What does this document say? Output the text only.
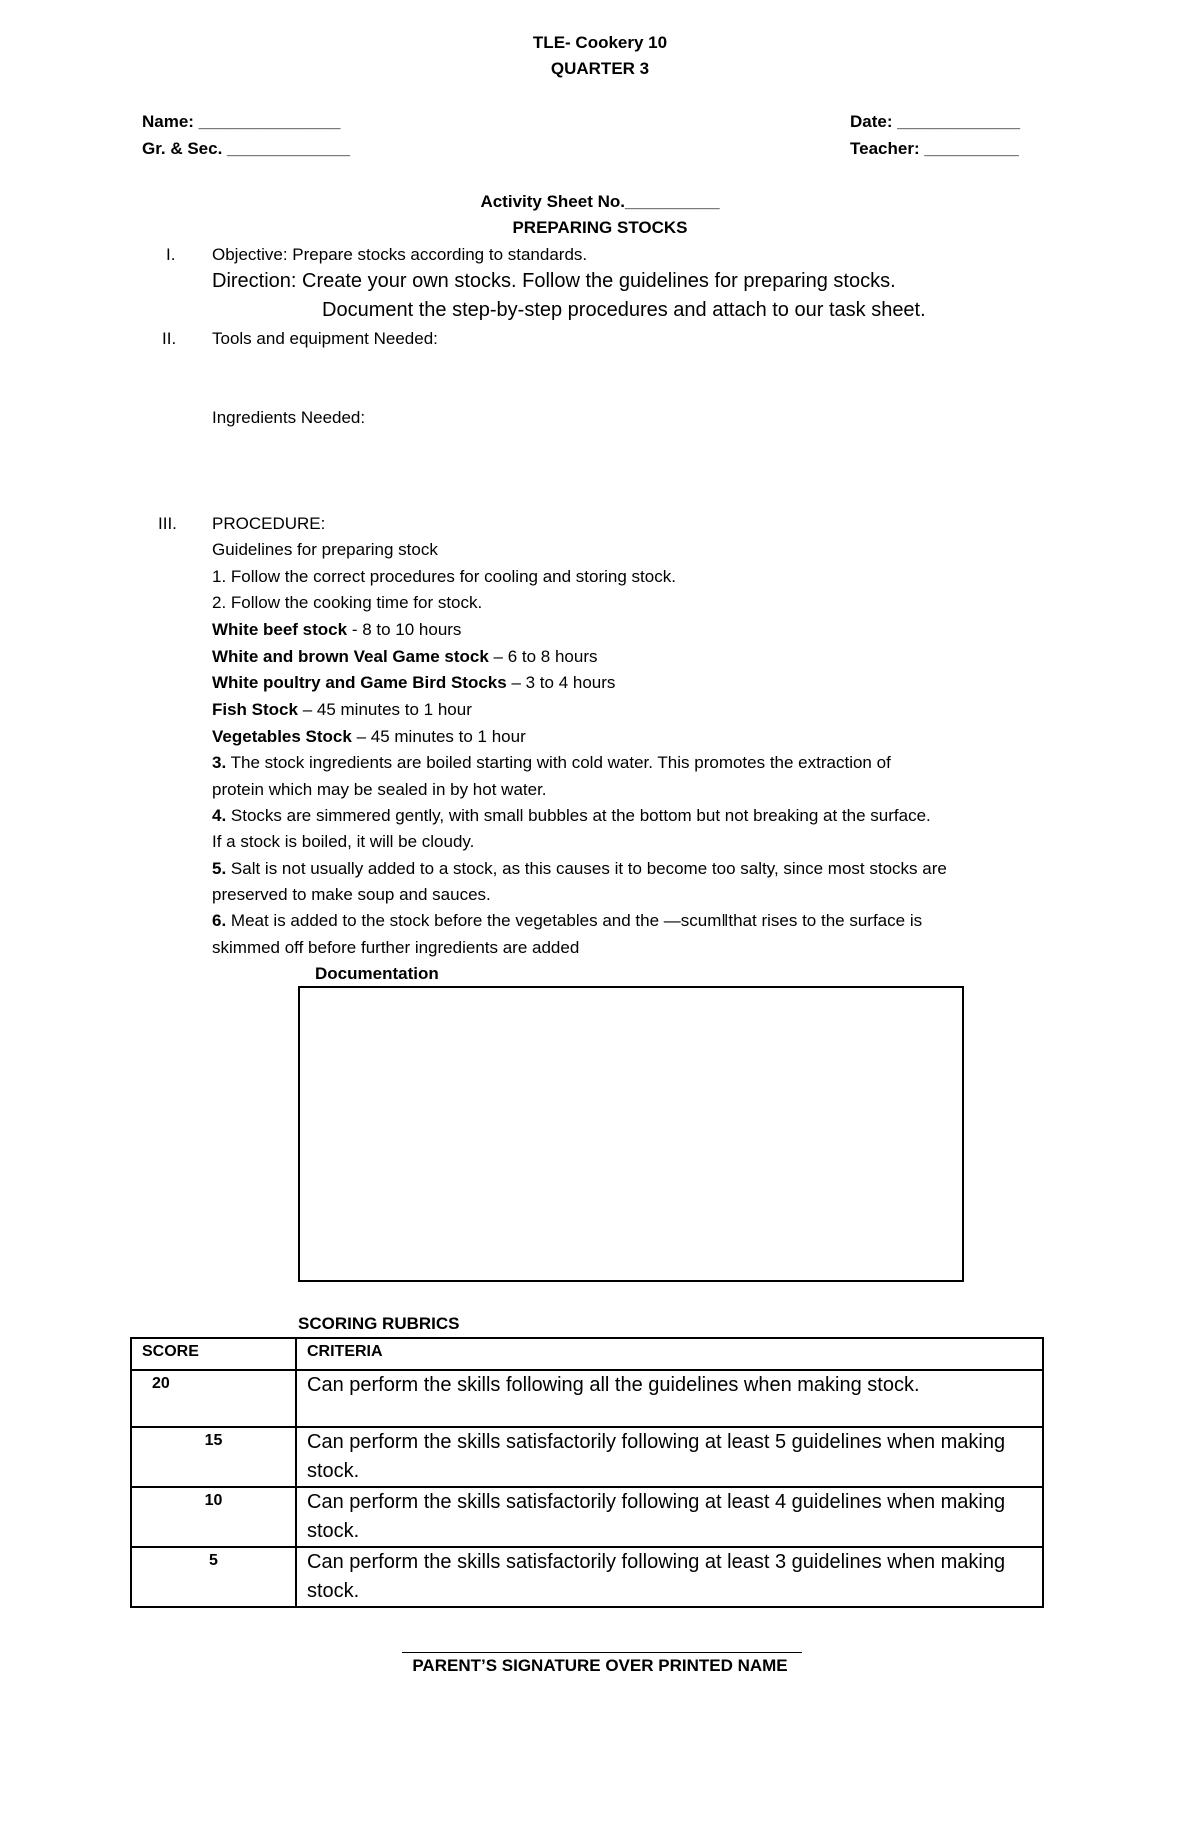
TLE- Cookery 10
QUARTER 3
Name: _______________
Gr. & Sec. _____________
Date: _____________
Teacher: __________
Activity Sheet No.__________
PREPARING STOCKS
I. Objective: Prepare stocks according to standards.
Direction: Create your own stocks. Follow the guidelines for preparing stocks.
Document the step-by-step procedures and attach to our task sheet.
II. Tools and equipment Needed:
Ingredients Needed:
III. PROCEDURE:
Guidelines for preparing stock
1. Follow the correct procedures for cooling and storing stock.
2. Follow the cooking time for stock.
White beef stock - 8 to 10 hours
White and brown Veal Game stock – 6 to 8 hours
White poultry and Game Bird Stocks – 3 to 4 hours
Fish Stock – 45 minutes to 1 hour
Vegetables Stock – 45 minutes to 1 hour
3. The stock ingredients are boiled starting with cold water. This promotes the extraction of
protein which may be sealed in by hot water.
4. Stocks are simmered gently, with small bubbles at the bottom but not breaking at the surface.
If a stock is boiled, it will be cloudy.
5. Salt is not usually added to a stock, as this causes it to become too salty, since most stocks are
preserved to make soup and sauces.
6. Meat is added to the stock before the vegetables and the —scum‖that rises to the surface is
skimmed off before further ingredients are added
Documentation
SCORING RUBRICS
SCORE	CRITERIA
20	Can perform the skills following all the guidelines when making stock.
15	Can perform the skills satisfactorily following at least 5 guidelines when making stock.
10	Can perform the skills satisfactorily following at least 4 guidelines when making stock.
5	Can perform the skills satisfactorily following at least 3 guidelines when making stock.
PARENT’S SIGNATURE OVER PRINTED NAME
